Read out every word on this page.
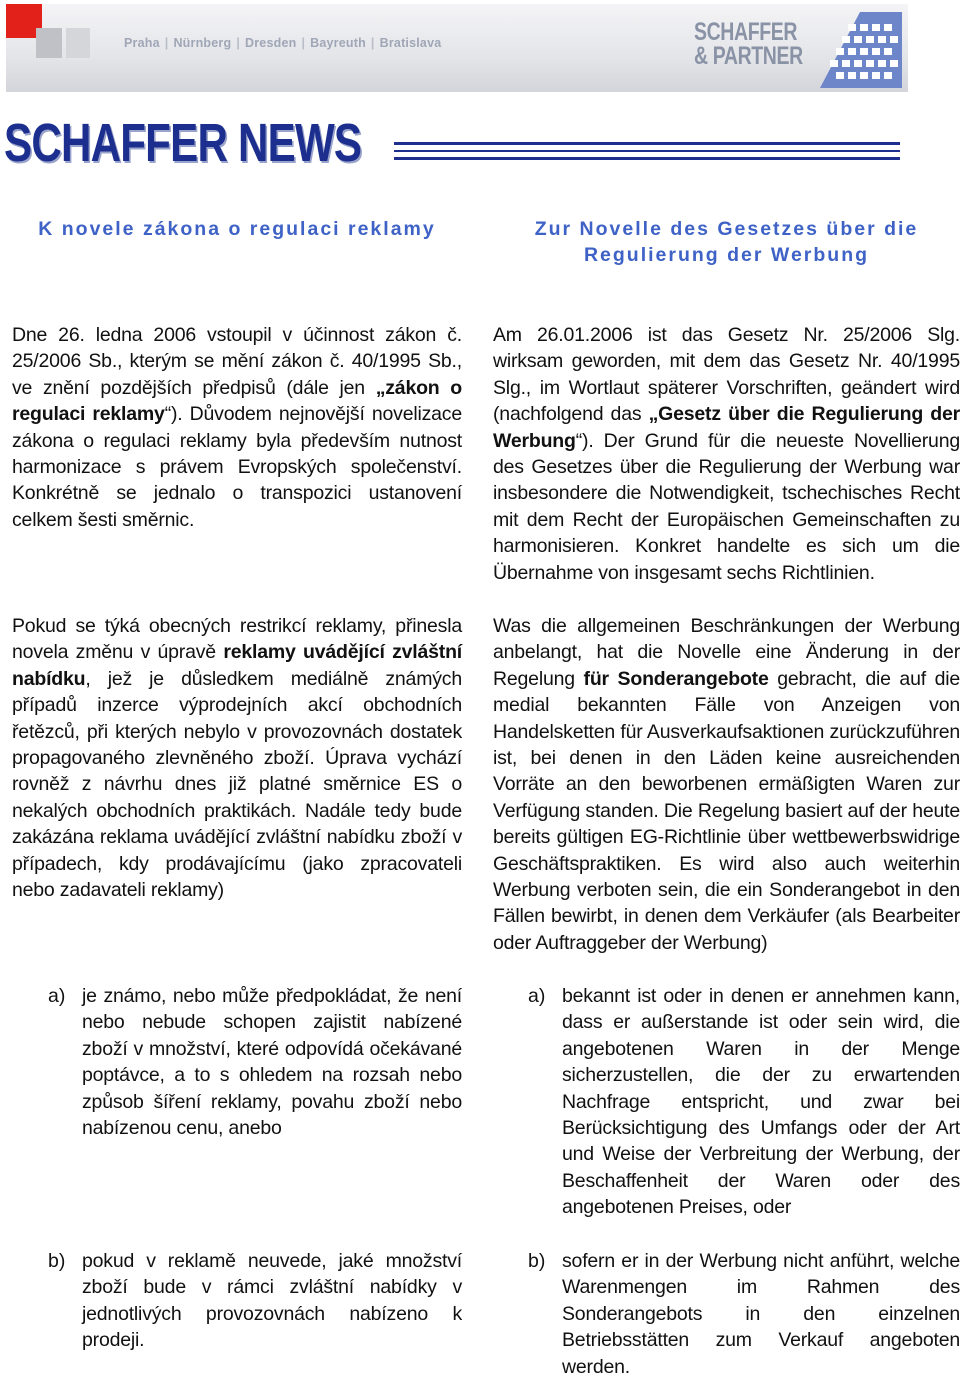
Praha | Nürnberg | Dresden | Bayreuth | Bratislava	SCHAFFER
& PARTNER
SCHAFFER NEWS
K novele zákona o regulaci reklamy	Zur Novelle des Gesetzes über die Regulierung der Werbung

Dne 26. ledna 2006 vstoupil v účinnost zákon č. 25/2006 Sb., kterým se mění zákon č. 40/1995 Sb., ve znění pozdějších předpisů (dále jen „zákon o regulaci reklamy“). Důvodem nejnovější novelizace zákona o regulaci reklamy byla především nutnost harmonizace s právem Evropských společenství. Konkrétně se jednalo o transpozici ustanovení celkem šesti směrnic.

Pokud se týká obecných restrikcí reklamy, přinesla novela změnu v úpravě reklamy uvádějící zvláštní nabídku, jež je důsledkem mediálně známých případů inzerce výprodejních akcí obchodních řetězců, při kterých nebylo v provozovnách dostatek propagovaného zlevněného zboží. Úprava vychází rovněž z návrhu dnes již platné směrnice ES o nekalých obchodních praktikách. Nadále tedy bude zakázána reklama uvádějící zvláštní nabídku zboží v případech, kdy prodávajícímu (jako zpracovateli nebo zadavateli reklamy)

a) je známo, nebo může předpokládat, že není nebo nebude schopen zajistit nabízené zboží v množství, které odpovídá očekávané poptávce, a to s ohledem na rozsah nebo způsob šíření reklamy, povahu zboží nebo nabízenou cenu, anebo
b) pokud v reklamě neuvede, jaké množství zboží bude v rámci zvláštní nabídky v jednotlivých provozovnách nabízeno k prodeji.

Am 26.01.2006 ist das Gesetz Nr. 25/2006 Slg. wirksam geworden, mit dem das Gesetz Nr. 40/1995 Slg., im Wortlaut späterer Vorschriften, geändert wird (nachfolgend das „Gesetz über die Regulierung der Werbung“). Der Grund für die neueste Novellierung des Gesetzes über die Regulierung der Werbung war insbesondere die Notwendigkeit, tschechisches Recht mit dem Recht der Europäischen Gemeinschaften zu harmonisieren. Konkret handelte es sich um die Übernahme von insgesamt sechs Richtlinien.

Was die allgemeinen Beschränkungen der Werbung anbelangt, hat die Novelle eine Änderung in der Regelung für Sonderangebote gebracht, die auf die medial bekannten Fälle von Anzeigen von Handelsketten für Ausverkaufsaktionen zurückzuführen ist, bei denen in den Läden keine ausreichenden Vorräte an den beworbenen ermäßigten Waren zur Verfügung standen. Die Regelung basiert auf der heute bereits gültigen EG-Richtlinie über wettbewerbswidrige Geschäftspraktiken. Es wird also auch weiterhin Werbung verboten sein, die ein Sonderangebot in den Fällen bewirbt, in denen dem Verkäufer (als Bearbeiter oder Auftraggeber der Werbung)

a) bekannt ist oder in denen er annehmen kann, dass er außerstande ist oder sein wird, die angebotenen Waren in der Menge sicherzustellen, die der zu erwartenden Nachfrage entspricht, und zwar bei Berücksichtigung des Umfangs oder der Art und Weise der Verbreitung der Werbung, der Beschaffenheit der Waren oder des angebotenen Preises, oder
b) sofern er in der Werbung nicht anführt, welche Warenmengen im Rahmen des Sonderangebots in den einzelnen Betriebsstätten zum Verkauf angeboten werden.
